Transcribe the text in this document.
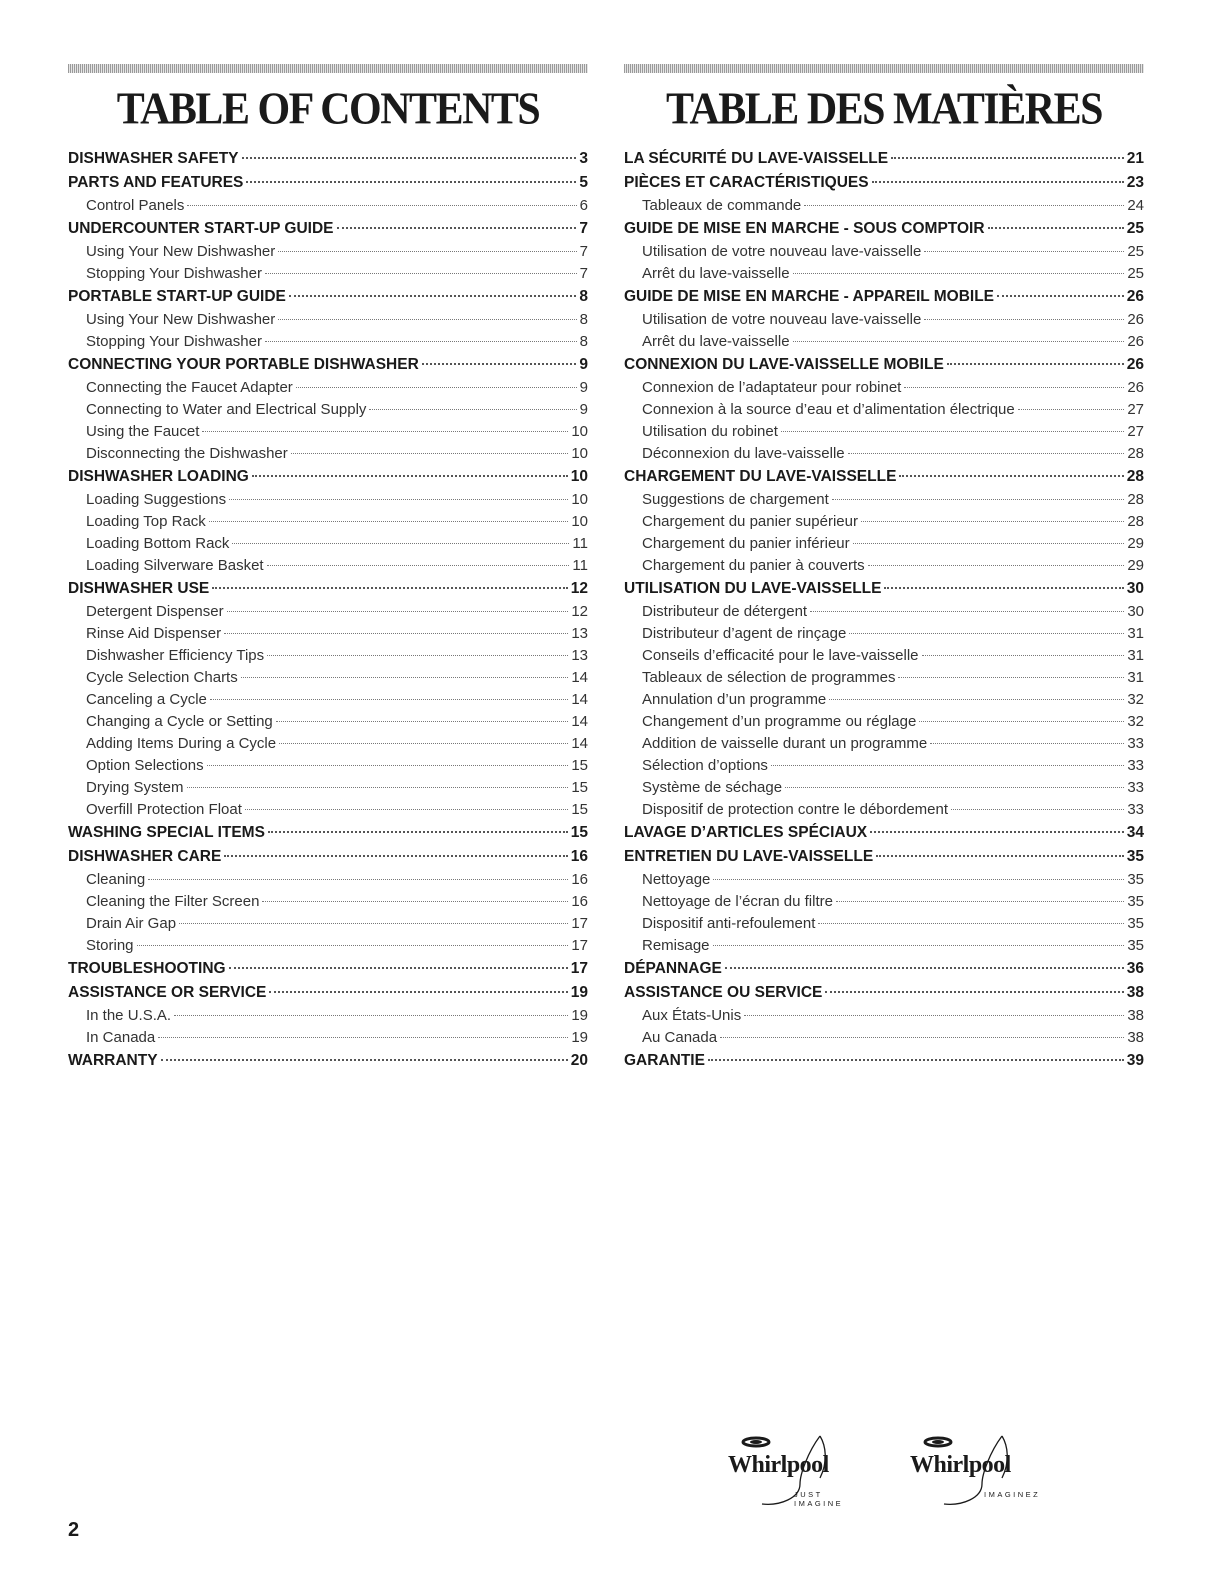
TABLE OF CONTENTS
DISHWASHER SAFETY	3
PARTS AND FEATURES	5
Control Panels	6
UNDERCOUNTER START-UP GUIDE	7
Using Your New Dishwasher	7
Stopping Your Dishwasher	7
PORTABLE START-UP GUIDE	8
Using Your New Dishwasher	8
Stopping Your Dishwasher	8
CONNECTING YOUR PORTABLE DISHWASHER	9
Connecting the Faucet Adapter	9
Connecting to Water and Electrical Supply	9
Using the Faucet	10
Disconnecting the Dishwasher	10
DISHWASHER LOADING	10
Loading Suggestions	10
Loading Top Rack	10
Loading Bottom Rack	11
Loading Silverware Basket	11
DISHWASHER USE	12
Detergent Dispenser	12
Rinse Aid Dispenser	13
Dishwasher Efficiency Tips	13
Cycle Selection Charts	14
Canceling a Cycle	14
Changing a Cycle or Setting	14
Adding Items During a Cycle	14
Option Selections	15
Drying System	15
Overfill Protection Float	15
WASHING SPECIAL ITEMS	15
DISHWASHER CARE	16
Cleaning	16
Cleaning the Filter Screen	16
Drain Air Gap	17
Storing	17
TROUBLESHOOTING	17
ASSISTANCE OR SERVICE	19
In the U.S.A.	19
In Canada	19
WARRANTY	20
TABLE DES MATIÈRES
LA SÉCURITÉ DU LAVE-VAISSELLE	21
PIÈCES ET CARACTÉRISTIQUES	23
Tableaux de commande	24
GUIDE DE MISE EN MARCHE - SOUS COMPTOIR	25
Utilisation de votre nouveau lave-vaisselle	25
Arrêt du lave-vaisselle	25
GUIDE DE MISE EN MARCHE - APPAREIL MOBILE	26
Utilisation de votre nouveau lave-vaisselle	26
Arrêt du lave-vaisselle	26
CONNEXION DU LAVE-VAISSELLE MOBILE	26
Connexion de l’adaptateur pour robinet	26
Connexion à la source d’eau et d’alimentation électrique	27
Utilisation du robinet	27
Déconnexion du lave-vaisselle	28
CHARGEMENT DU LAVE-VAISSELLE	28
Suggestions de chargement	28
Chargement du panier supérieur	28
Chargement du panier inférieur	29
Chargement du panier à couverts	29
UTILISATION DU LAVE-VAISSELLE	30
Distributeur de détergent	30
Distributeur d’agent de rinçage	31
Conseils d’efficacité pour le lave-vaisselle	31
Tableaux de sélection de programmes	31
Annulation d’un programme	32
Changement d’un programme ou réglage	32
Addition de vaisselle durant un programme	33
Sélection d’options	33
Système de séchage	33
Dispositif de protection contre le débordement	33
LAVAGE D’ARTICLES SPÉCIAUX	34
ENTRETIEN DU LAVE-VAISSELLE	35
Nettoyage	35
Nettoyage de l’écran du filtre	35
Dispositif anti-refoulement	35
Remisage	35
DÉPANNAGE	36
ASSISTANCE OU SERVICE	38
Aux États-Unis	38
Au Canada	38
GARANTIE	39
Whirlpool
JUST IMAGINE
Whirlpool
IMAGINEZ
2
